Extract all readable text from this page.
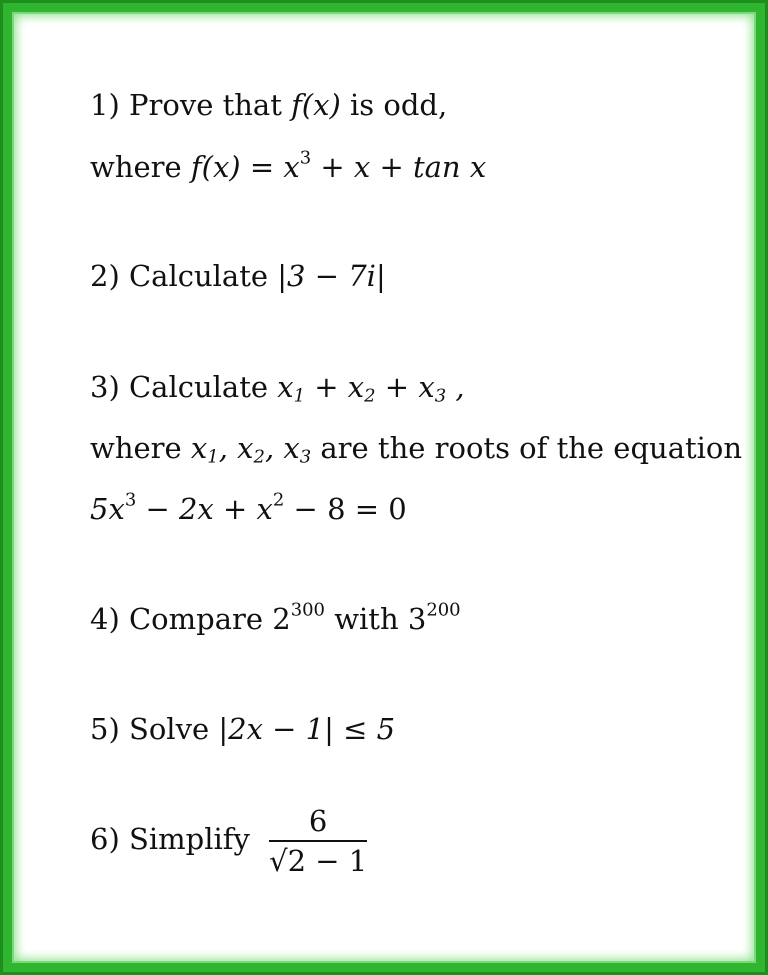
1) Prove that f(x) is odd,
where $f(x) = x^3 + x + \tan x$
2) Calculate |3 − 7i|
3) Calculate $x_1 + x_2 + x_3$ ,
where $x_1$, $x_2$, $x_3$ are the roots of the equation
$5x^3 - 2x + x^2 - 8 = 0$
4) Compare $2^{300}$ with $3^{200}$
5) Solve |2x − 1| ≤ 5
6) Simplify $\frac{6}{√2 - 1}$
